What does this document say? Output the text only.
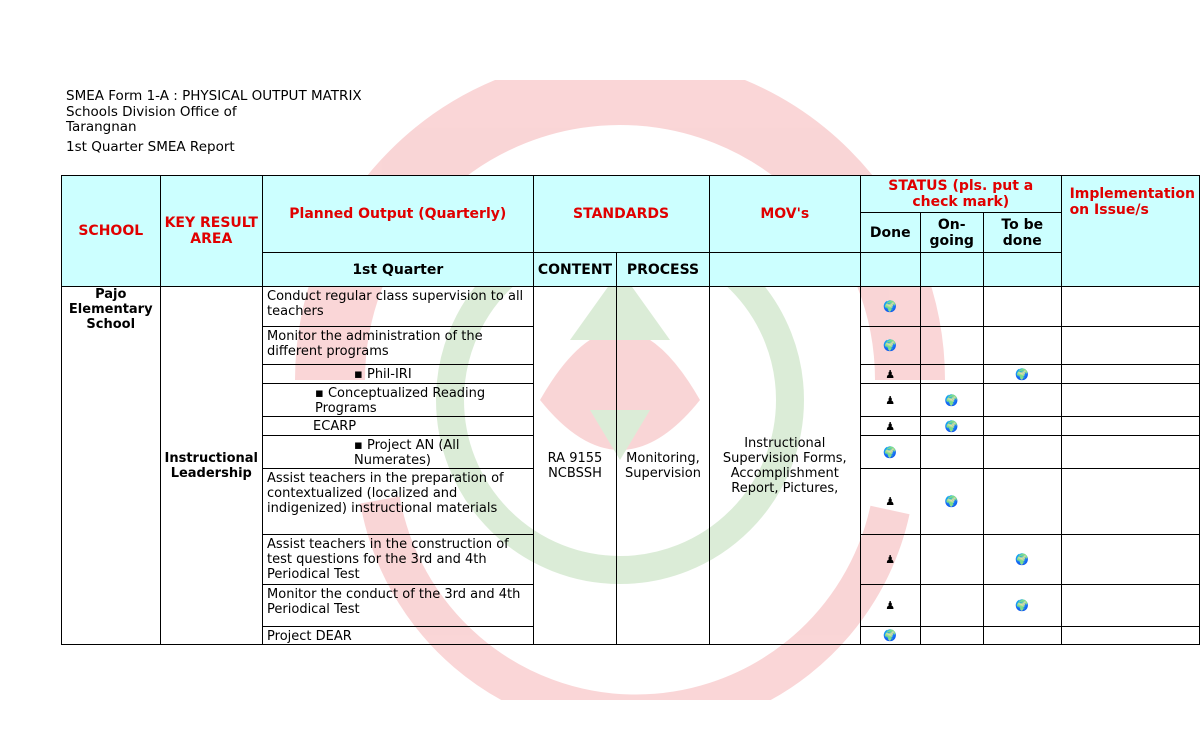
SMEA Form 1-A : PHYSICAL OUTPUT MATRIX
Schools Division Office of
Tarangnan
1st Quarter SMEA Report
SCHOOL	KEY RESULT AREA	Planned Output (Quarterly)	STANDARDS		MOV's	STATUS (pls. put a check mark)			Implementation on Issue/s
						Done	On-going	To be done	
		1st Quarter	CONTENT	PROCESS					
Pajo Elementary School	Instructional Leadership	Conduct regular class supervision to all teachers	RA 9155 NCBSSH	Monitoring, Supervision	Instructional Supervision Forms, Accomplishment Report, Pictures,	🌍			
		Monitor the administration of the different programs				🌍			
		▪ Phil-IRI				♟		🌍	

		▪ Conceptualized Reading Programs				♟	🌍		
		ECARP				♟	🌍		
		▪ Project AN (All Numerates)				🌍			
		Assist teachers in the preparation of contextualized (localized and indigenized) instructional materials				♟	🌍		
		Assist teachers in the construction of test questions for the 3rd and 4th Periodical Test				♟		🌍	
		Monitor the conduct of the 3rd and 4th Periodical Test				♟		🌍	
		Project DEAR				🌍			
